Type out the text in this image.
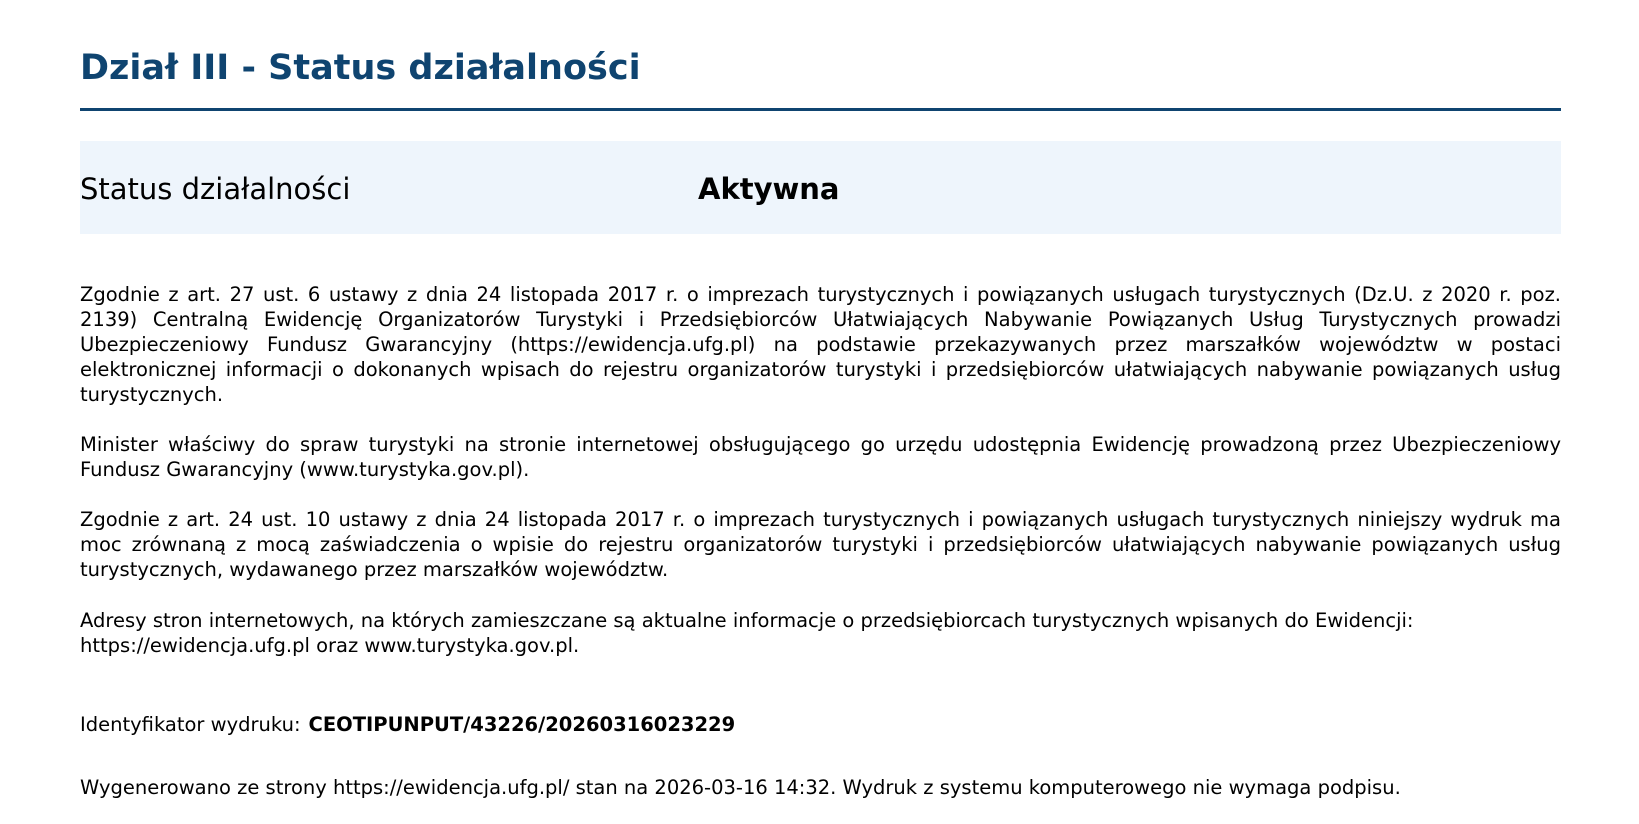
Dział III - Status działalności
Status działalności	Aktywna

Zgodnie z art. 27 ust. 6 ustawy z dnia 24 listopada 2017 r. o imprezach turystycznych i powiązanych usługach turystycznych (Dz.U. z 2020 r. poz. 2139) Centralną Ewidencję Organizatorów Turystyki i Przedsiębiorców Ułatwiających Nabywanie Powiązanych Usług Turystycznych prowadzi Ubezpieczeniowy Fundusz Gwarancyjny (https://ewidencja.ufg.pl) na podstawie przekazywanych przez marszałków województw w postaci elektronicznej informacji o dokonanych wpisach do rejestru organizatorów turystyki i przedsiębiorców ułatwiających nabywanie powiązanych usług turystycznych.

Minister właściwy do spraw turystyki na stronie internetowej obsługującego go urzędu udostępnia Ewidencję prowadzoną przez Ubezpieczeniowy Fundusz Gwarancyjny (www.turystyka.gov.pl).

Zgodnie z art. 24 ust. 10 ustawy z dnia 24 listopada 2017 r. o imprezach turystycznych i powiązanych usługach turystycznych niniejszy wydruk ma moc zrównaną z mocą zaświadczenia o wpisie do rejestru organizatorów turystyki i przedsiębiorców ułatwiających nabywanie powiązanych usług turystycznych, wydawanego przez marszałków województw.

Adresy stron internetowych, na których zamieszczane są aktualne informacje o przedsiębiorcach turystycznych wpisanych do Ewidencji: https://ewidencja.ufg.pl oraz www.turystyka.gov.pl.

Identyfikator wydruku: CEOTIPUNPUT/43226/20260316023229
Wygenerowano ze strony https://ewidencja.ufg.pl/ stan na 2026-03-16 14:32. Wydruk z systemu komputerowego nie wymaga podpisu.
